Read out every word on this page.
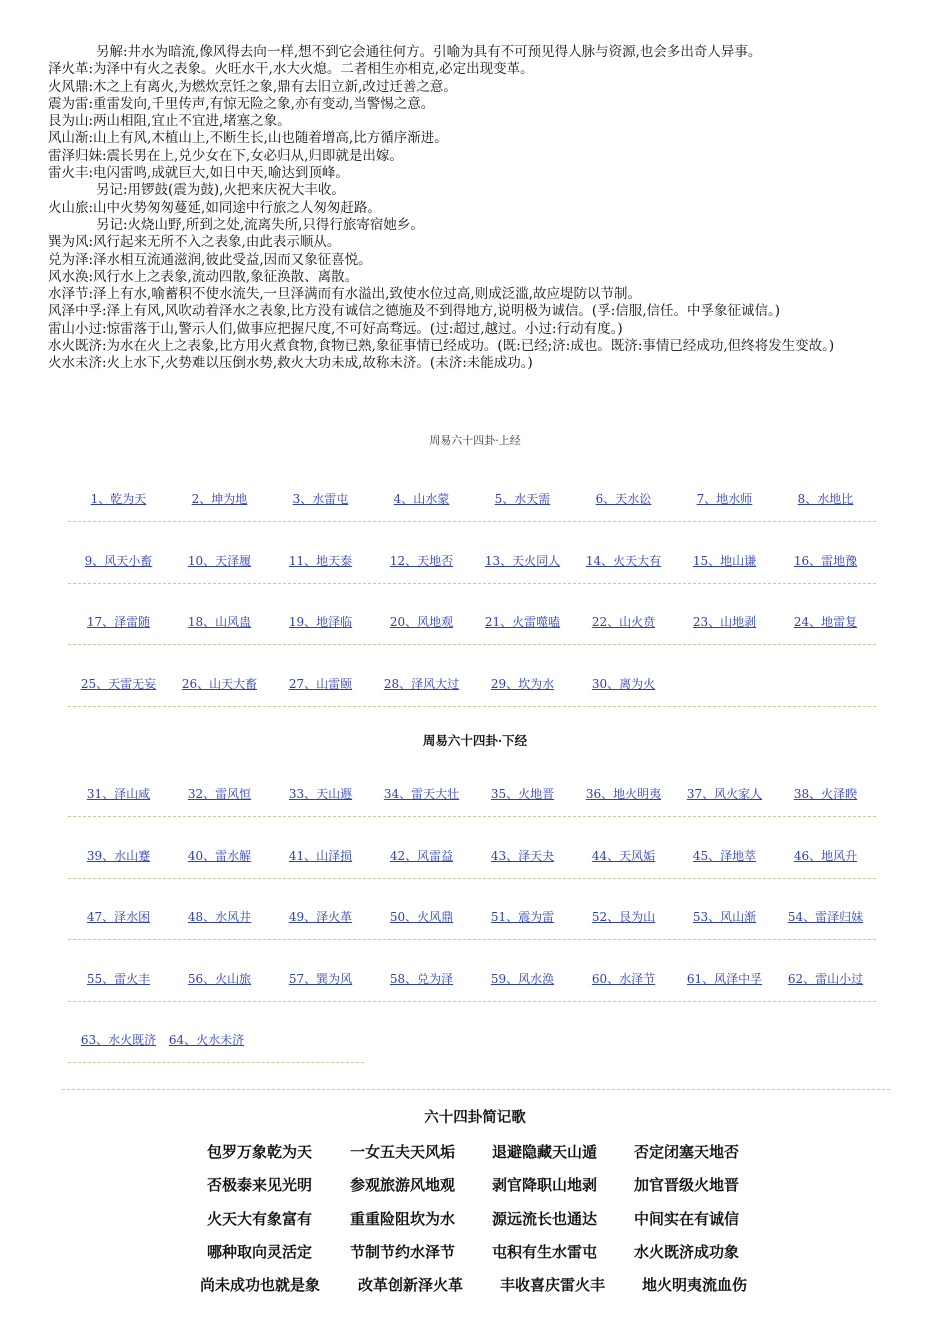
另解:井水为暗流,像风得去向一样,想不到它会通往何方。引喻为具有不可预见得人脉与资源,也会多出奇人异事。

泽火革:为泽中有火之表象。火旺水干,水大火熄。二者相生亦相克,必定出现变革。

火风鼎:木之上有离火,为燃炊烹饪之象,鼎有去旧立新,改过迁善之意。

震为雷:重雷发向,千里传声,有惊无险之象,亦有变动,当警惕之意。

艮为山:两山相阻,宜止不宜进,堵塞之象。

风山渐:山上有风,木植山上,不断生长,山也随着增高,比方循序渐进。

雷泽归妹:震长男在上,兑少女在下,女必归从,归即就是出嫁。

雷火丰:电闪雷鸣,成就巨大,如日中天,喻达到顶峰。

另记:用锣鼓(震为鼓),火把来庆祝大丰收。

火山旅:山中火势匆匆蔓延,如同途中行旅之人匆匆赶路。

另记:火烧山野,所到之处,流离失所,只得行旅寄宿她乡。

巽为风:风行起来无所不入之表象,由此表示顺从。

兑为泽:泽水相互流通滋润,彼此受益,因而又象征喜悦。

风水涣:风行水上之表象,流动四散,象征涣散、离散。

水泽节:泽上有水,喻蓄积不使水流失,一旦泽满而有水溢出,致使水位过高,则成泛滥,故应堤防以节制。

风泽中孚:泽上有风,风吹动着泽水之表象,比方没有诚信之德施及不到得地方,说明极为诚信。(孚:信服,信任。中孚象征诚信。)

雷山小过:惊雷落于山,警示人们,做事应把握尺度,不可好高骛远。(过:超过,越过。小过:行动有度。)

水火既济:为水在火上之表象,比方用火煮食物,食物已熟,象征事情已经成功。(既:已经;济:成也。既济:事情已经成功,但终将发生变故。)

火水未济:火上水下,火势难以压倒水势,救火大功未成,故称未济。(未济:未能成功。)

周易六十四卦·上经
1、乾为天	2、坤为地	3、水雷屯	4、山水蒙	5、水天需	6、天水讼	7、地水师	8、水地比
9、风天小畜	10、天泽履	11、地天泰	12、天地否	13、天火同人	14、火天大有	15、地山谦	16、雷地豫
17、泽雷随	18、山风蛊	19、地泽临	20、风地观	21、火雷噬嗑	22、山火贲	23、山地剥	24、地雷复
25、天雷无妄	26、山天大畜	27、山雷颐	28、泽风大过	29、坎为水	30、离为火
周易六十四卦·下经
31、泽山咸	32、雷风恒	33、天山遯	34、雷天大壮	35、火地晋	36、地火明夷	37、风火家人	38、火泽睽
39、水山蹇	40、雷水解	41、山泽损	42、风雷益	43、泽天夬	44、天风姤	45、泽地萃	46、地风升
47、泽水困	48、水风井	49、泽火革	50、火风鼎	51、震为雷	52、艮为山	53、风山渐	54、雷泽归妹
55、雷火丰	56、火山旅	57、巽为风	58、兑为泽	59、风水涣	60、水泽节	61、风泽中孚	62、雷山小过
63、水火既济	64、火水未济
六十四卦简记歌
包罗万象乾为天	一女五夫天风垢 退避隐藏天山遁 否定闭塞天地否
否极泰来见光明	参观旅游风地观 剥官降职山地剥 加官晋级火地晋
火天大有象富有	重重险阻坎为水 源远流长也通达 中间实在有诚信
哪种取向灵活定	节制节约水泽节 屯积有生水雷屯 水火既济成功象
尚未成功也就是象	改革创新泽火革 丰收喜庆雷火丰 地火明夷流血伤
